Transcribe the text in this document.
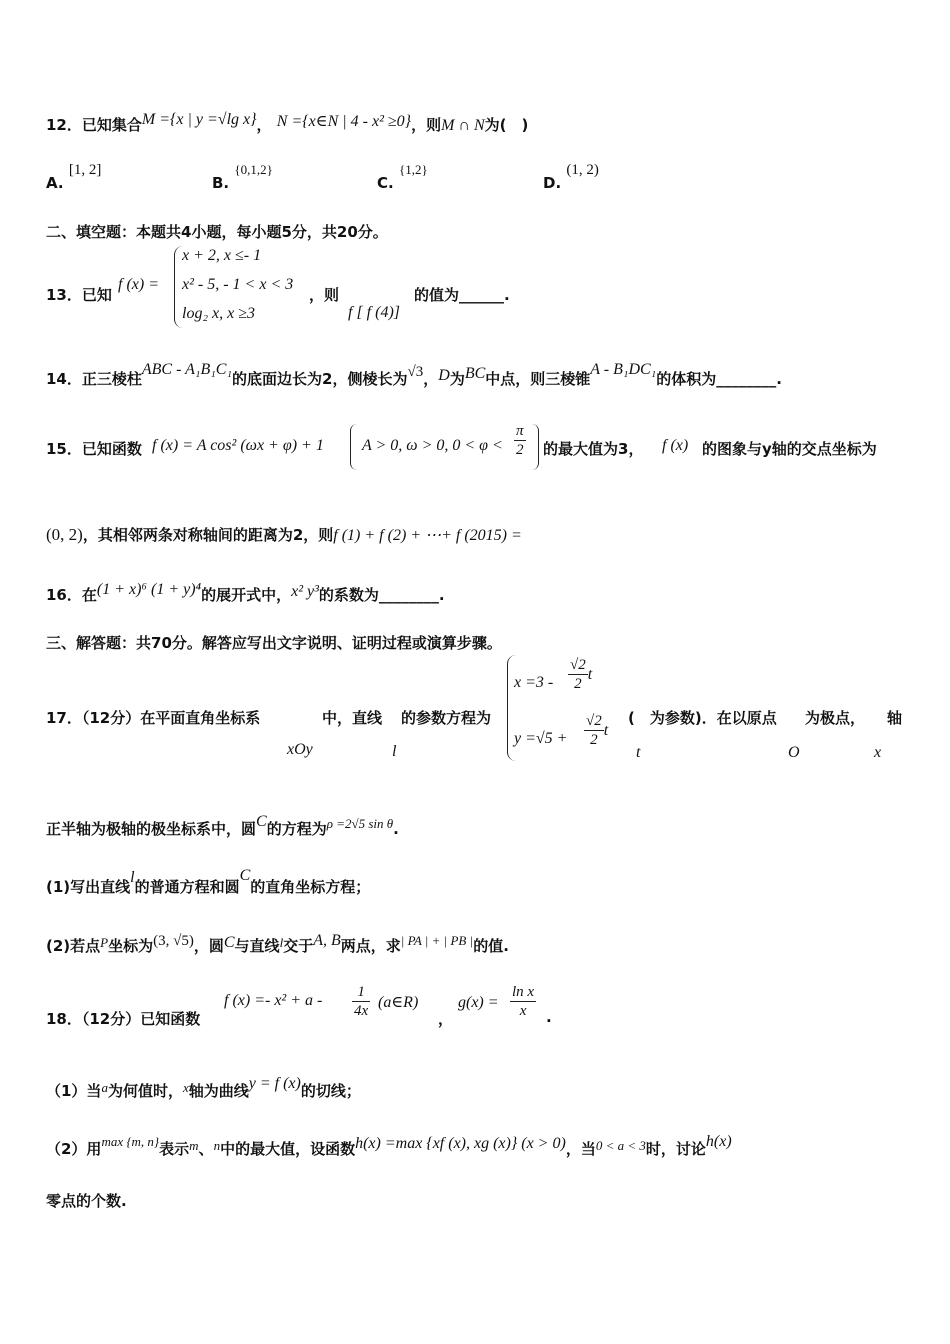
12．已知集合M ={x | y =√lg x}， N ={x∈N | 4 - x² ≥0}，则M ∩ N为(　)
A. [1, 2]
B. {0,1,2}
C. {1,2}
D. (1, 2)
二、填空题：本题共4小题，每小题5分，共20分。
13．已知
f (x) =
x + 2, x ≤- 1
x² - 5, - 1 < x < 3
log₂ x, x ≥3
，则
f [ f (4)]
的值为______.
14．正三棱柱ABC - A₁B₁C₁的底面边长为2，侧棱长为√3，D为BC中点，则三棱锥A - B₁DC₁的体积为________.
15．已知函数 f (x) = A cos² (ωx + φ) + 1 A > 0, ω > 0, $0 < \varphi < \frac{\pi}{2}$ 的最大值为3， f (x) 的图象与y轴的交点坐标为
(0, 2)，其相邻两条对称轴间的距离为2，则f (1) + f (2) + ⋯+ f (2015) =
16．在(1 + x)⁶ (1 + y)⁴的展开式中，x² y³的系数为________.
三、解答题：共70分。解答应写出文字说明、证明过程或演算步骤。
17．（12分）在平面直角坐标系	中，直线 的参数方程为
xOy	l
$x =3 - \frac{√2}{2}$ t
$y =√5 + \frac{√2}{2}$ t
(　为参数)．在以原点 为极点， 轴
t	O	x
正半轴为极轴的极坐标系中，圆C的方程为ρ =2√5 sin θ.
(1)写出直线l的普通方程和圆C的直角坐标方程；
(2)若点P坐标为(3, √5)，圆C与直线l交于A, B两点，求| PA | + | PB |的值.
18．（12分）已知函数
f $(x) =- x^2 + a - \frac{1}{4x}$ (a∈R)
，
$g(x) = \frac{\text{ln x}}{x}$ .
（1）当a为何值时，x轴为曲线y = f (x)的切线；
（2）用max {m, n}表示m、n中的最大值，设函数h(x) =max {xf (x), xg (x)} (x > 0)，当0 < a < 3时，讨论h(x)
零点的个数.
